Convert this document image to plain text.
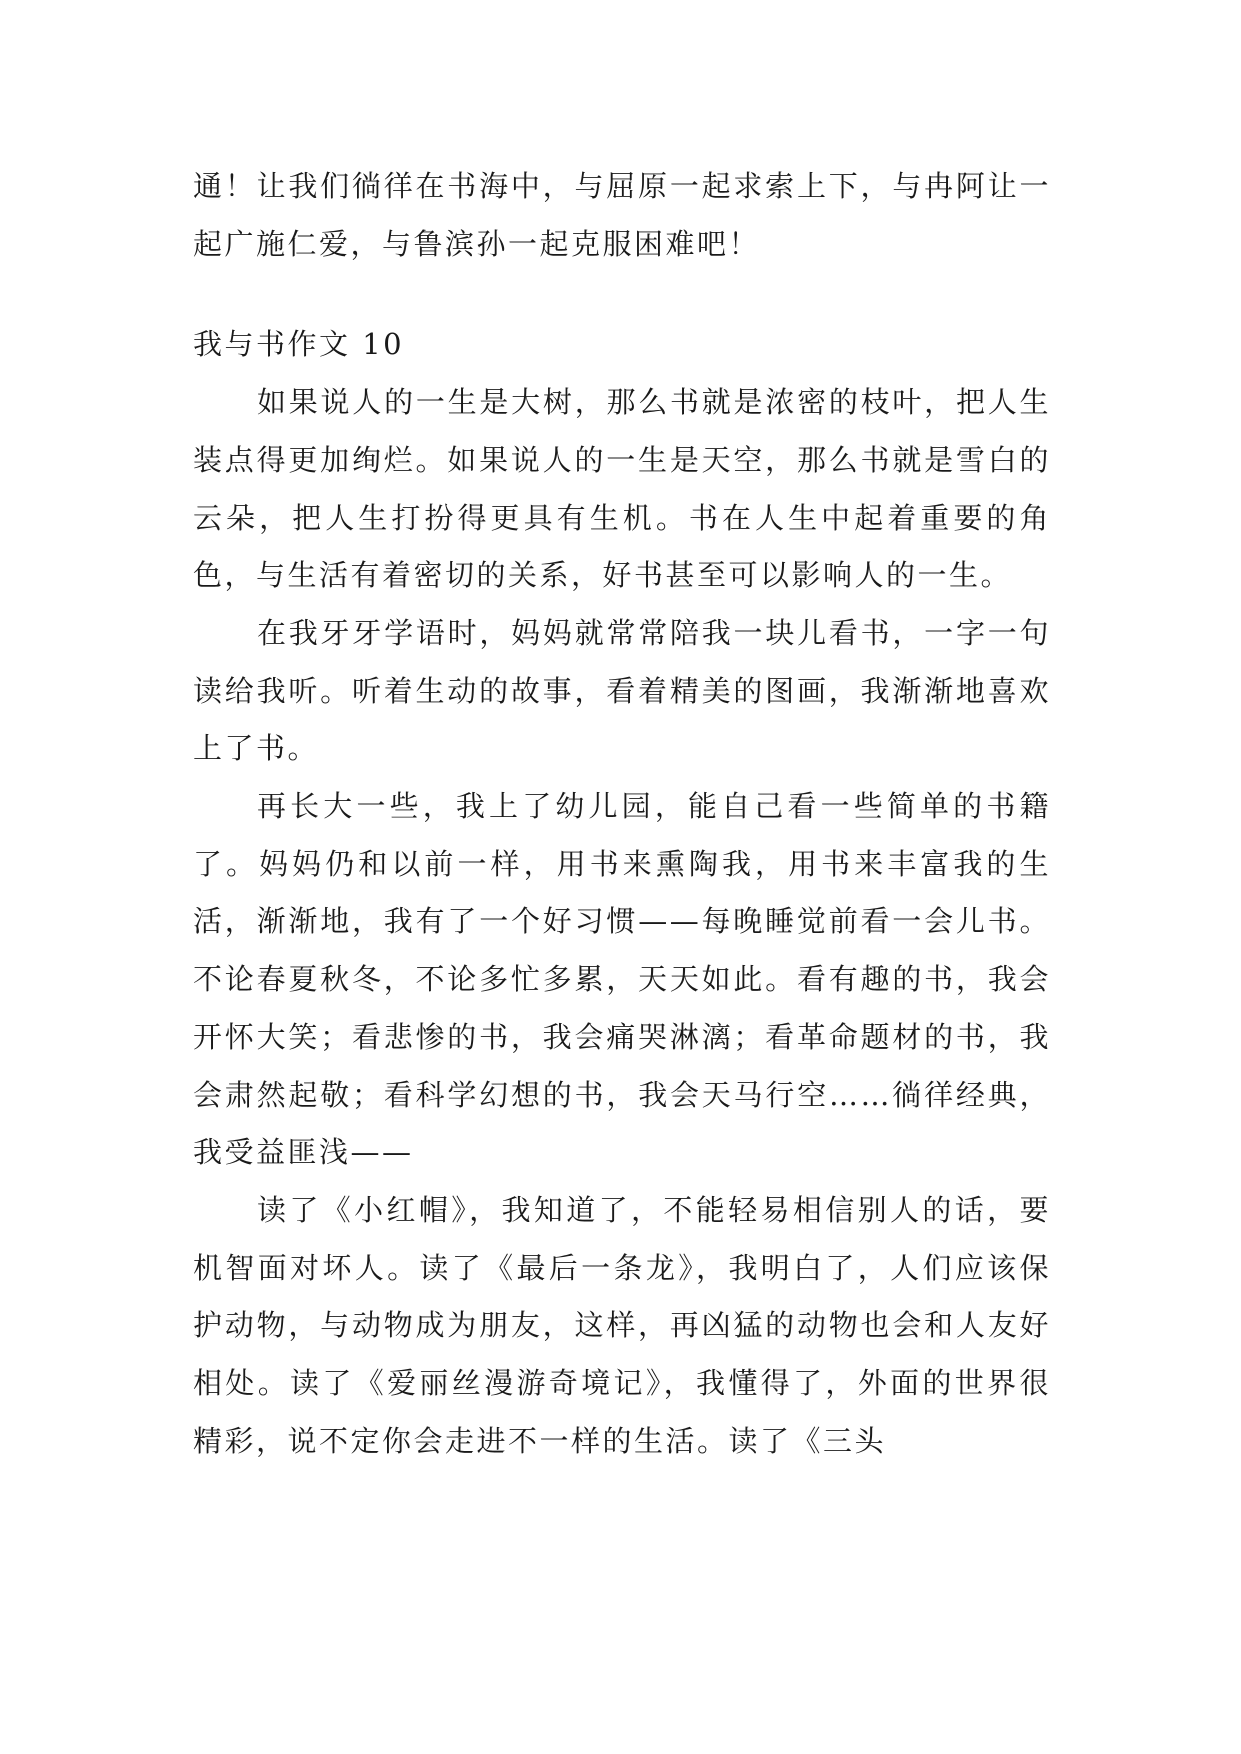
通！让我们徜徉在书海中，与屈原一起求索上下，与冉阿让一起广施仁爱，与鲁滨孙一起克服困难吧！

我与书作文 10

如果说人的一生是大树，那么书就是浓密的枝叶，把人生装点得更加绚烂。如果说人的一生是天空，那么书就是雪白的云朵，把人生打扮得更具有生机。书在人生中起着重要的角色，与生活有着密切的关系，好书甚至可以影响人的一生。

在我牙牙学语时，妈妈就常常陪我一块儿看书，一字一句读给我听。听着生动的故事，看着精美的图画，我渐渐地喜欢上了书。

再长大一些，我上了幼儿园，能自己看一些简单的书籍了。妈妈仍和以前一样，用书来熏陶我，用书来丰富我的生活，渐渐地，我有了一个好习惯——每晚睡觉前看一会儿书。不论春夏秋冬，不论多忙多累，天天如此。看有趣的书，我会开怀大笑；看悲惨的书，我会痛哭淋漓；看革命题材的书，我会肃然起敬；看科学幻想的书，我会天马行空……徜徉经典，我受益匪浅——

读了《小红帽》，我知道了，不能轻易相信别人的话，要机智面对坏人。读了《最后一条龙》，我明白了，人们应该保护动物，与动物成为朋友，这样，再凶猛的动物也会和人友好相处。读了《爱丽丝漫游奇境记》，我懂得了，外面的世界很精彩，说不定你会走进不一样的生活。读了《三头
